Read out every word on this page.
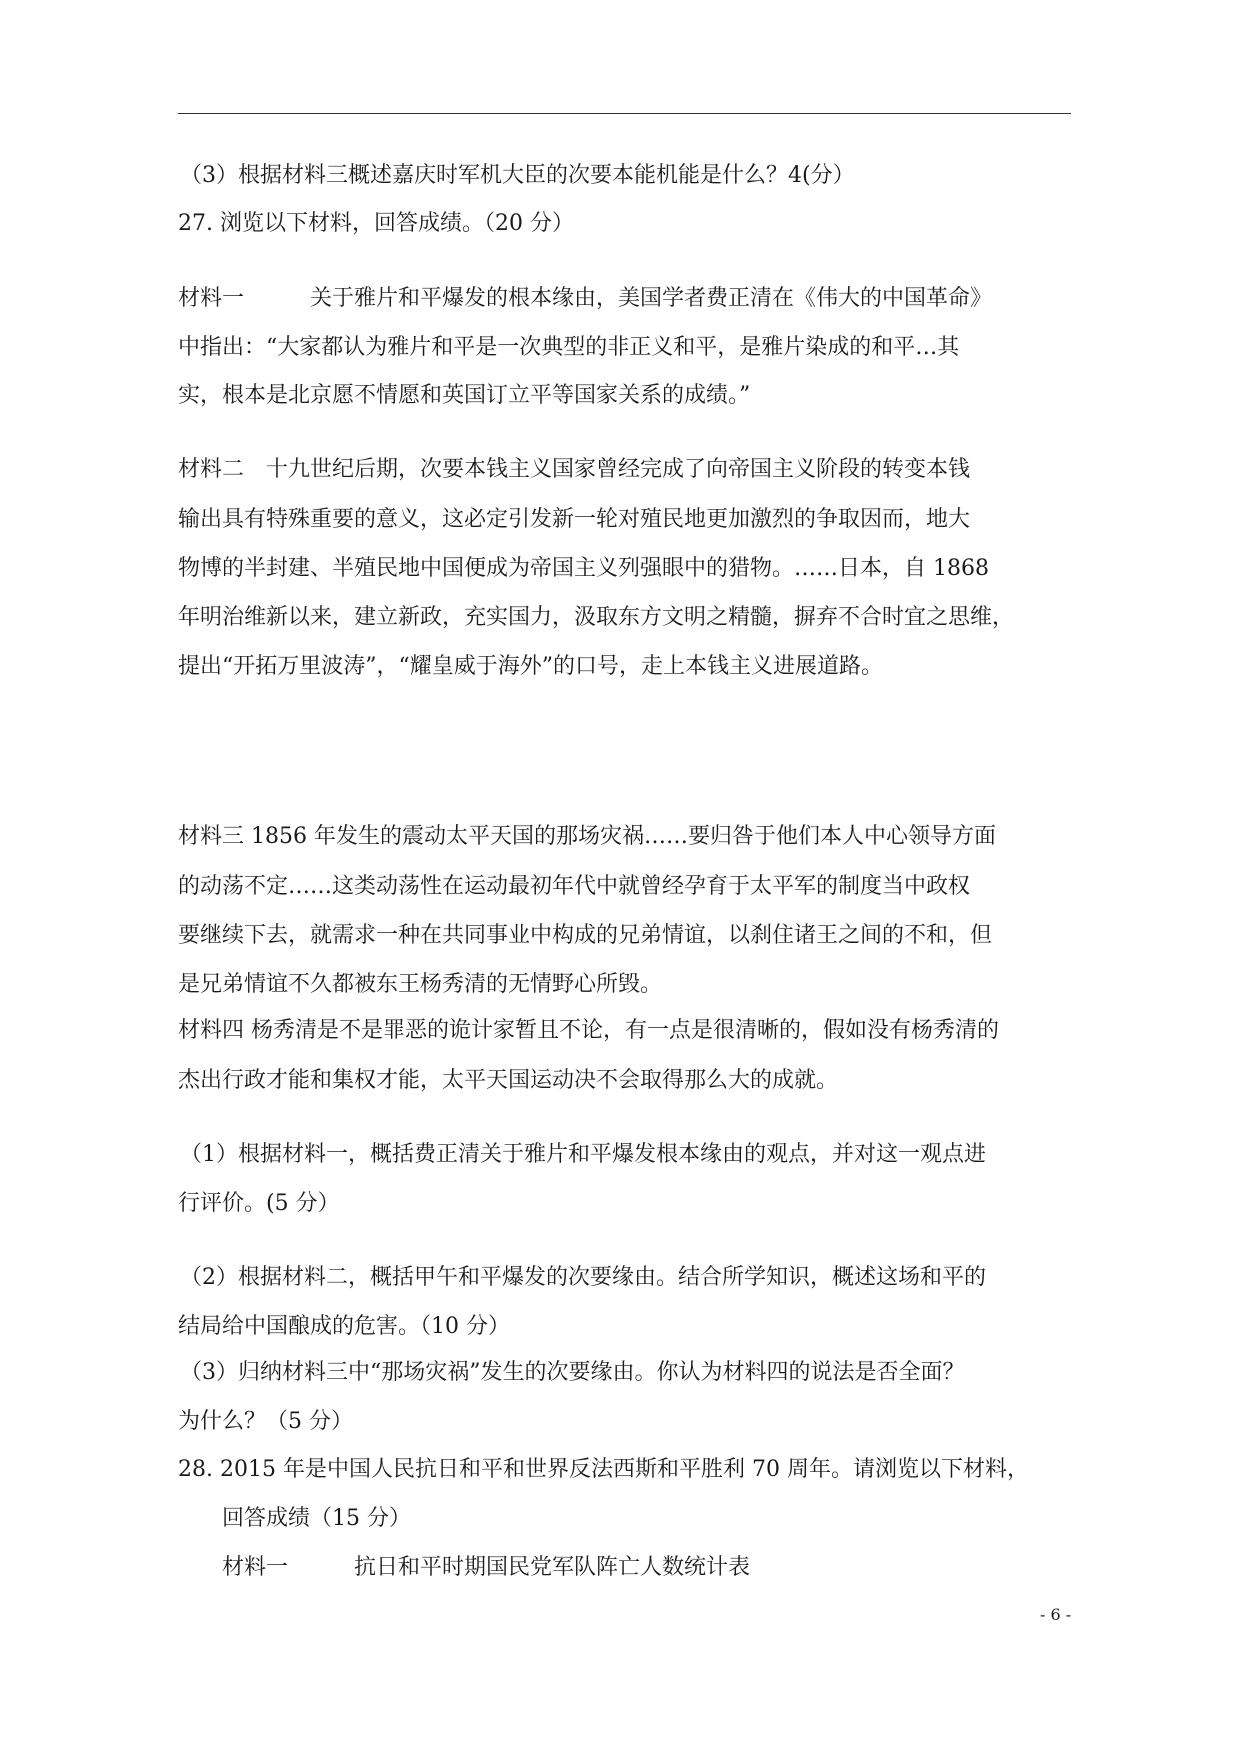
（3）根据材料三概述嘉庆时军机大臣的次要本能机能是什么？4(分）
27. 浏览以下材料，回答成绩。（20 分）
材料一　　　关于雅片和平爆发的根本缘由，美国学者费正清在《伟大的中国革命》
中指出：“大家都认为雅片和平是一次典型的非正义和平，是雅片染成的和平…其
实，根本是北京愿不情愿和英国订立平等国家关系的成绩。”
材料二　十九世纪后期，次要本钱主义国家曾经完成了向帝国主义阶段的转变本钱
输出具有特殊重要的意义，这必定引发新一轮对殖民地更加激烈的争取因而，地大
物博的半封建、半殖民地中国便成为帝国主义列强眼中的猎物。……日本，自 1868
年明治维新以来，建立新政，充实国力，汲取东方文明之精髓，摒弃不合时宜之思维，
提出“开拓万里波涛”，“耀皇威于海外”的口号，走上本钱主义进展道路。
材料三 1856 年发生的震动太平天国的那场灾祸……要归咎于他们本人中心领导方面
的动荡不定……这类动荡性在运动最初年代中就曾经孕育于太平军的制度当中政权
要继续下去，就需求一种在共同事业中构成的兄弟情谊，以刹住诸王之间的不和，但
是兄弟情谊不久都被东王杨秀清的无情野心所毁。
材料四 杨秀清是不是罪恶的诡计家暂且不论，有一点是很清晰的，假如没有杨秀清的
杰出行政才能和集权才能，太平天国运动决不会取得那么大的成就。
（1）根据材料一，概括费正清关于雅片和平爆发根本缘由的观点，并对这一观点进
行评价。(5 分）
（2）根据材料二，概括甲午和平爆发的次要缘由。结合所学知识，概述这场和平的
结局给中国酿成的危害。（10 分）
（3）归纳材料三中“那场灾祸”发生的次要缘由。你认为材料四的说法是否全面？
为什么？（5 分）
28. 2015 年是中国人民抗日和平和世界反法西斯和平胜利 70 周年。请浏览以下材料，
回答成绩（15 分）
材料一　　　抗日和平时期国民党军队阵亡人数统计表
- 6 -
